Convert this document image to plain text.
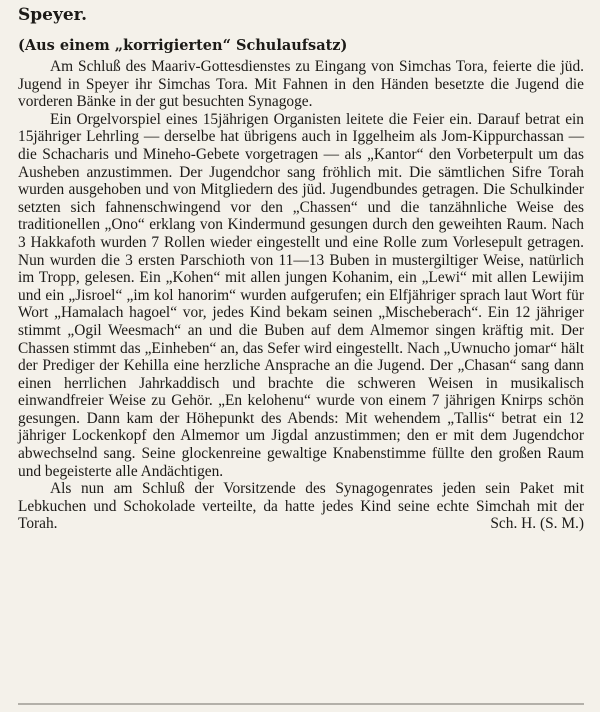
Speyer.
(Aus einem „korrigierten“ Schulaufsatz)

Am Schluß des Maariv-Gottesdienstes zu Eingang von Simchas Tora, feierte die jüd. Jugend in Speyer ihr Simchas Tora. Mit Fahnen in den Händen besetzte die Jugend die vorderen Bänke in der gut besuchten Synagoge.

Ein Orgelvorspiel eines 15jährigen Organisten leitete die Feier ein. Darauf betrat ein 15jähriger Lehrling — derselbe hat übrigens auch in Iggelheim als Jom-Kippurchassan — die Schacharis und Mineho-Gebete vorgetragen — als „Kantor“ den Vorbeterpult um das Ausheben anzustimmen. Der Jugendchor sang fröhlich mit. Die sämtlichen Sifre Torah wurden ausgehoben und von Mitgliedern des jüd. Jugendbundes getragen. Die Schulkinder setzten sich fahnenschwingend vor den „Chassen“ und die tanzähnliche Weise des traditionellen „Ono“ erklang von Kindermund gesungen durch den geweihten Raum. Nach 3 Hakkafoth wurden 7 Rollen wieder eingestellt und eine Rolle zum Vorlesepult getragen. Nun wurden die 3 ersten Parschioth von 11—13 Buben in mustergiltiger Weise, natürlich im Tropp, gelesen. Ein „Kohen“ mit allen jungen Kohanim, ein „Lewi“ mit allen Lewijim und ein „Jisroel“ „im kol hanorim“ wurden aufgerufen; ein Elfjähriger sprach laut Wort für Wort „Hamalach hagoel“ vor, jedes Kind bekam seinen „Mischeberach“. Ein 12 jähriger stimmt „Ogil Weesmach“ an und die Buben auf dem Almemor singen kräftig mit. Der Chassen stimmt das „Einheben“ an, das Sefer wird eingestellt. Nach „Uwnucho jomar“ hält der Prediger der Kehilla eine herzliche Ansprache an die Jugend. Der „Chasan“ sang dann einen herrlichen Jahrkaddisch und brachte die schweren Weisen in musikalisch einwandfreier Weise zu Gehör. „En kelohenu“ wurde von einem 7 jährigen Knirps schön gesungen. Dann kam der Höhepunkt des Abends: Mit wehendem „Tallis“ betrat ein 12 jähriger Lockenkopf den Almemor um Jigdal anzustimmen; den er mit dem Jugendchor abwechselnd sang. Seine glockenreine gewaltige Knabenstimme füllte den großen Raum und begeisterte alle Andächtigen.

Als nun am Schluß der Vorsitzende des Synagogenrates jeden sein Paket mit Lebkuchen und Schokolade verteilte, da hatte jedes Kind seine echte Simchah mit der Torah.	Sch. H. (S. M.)
